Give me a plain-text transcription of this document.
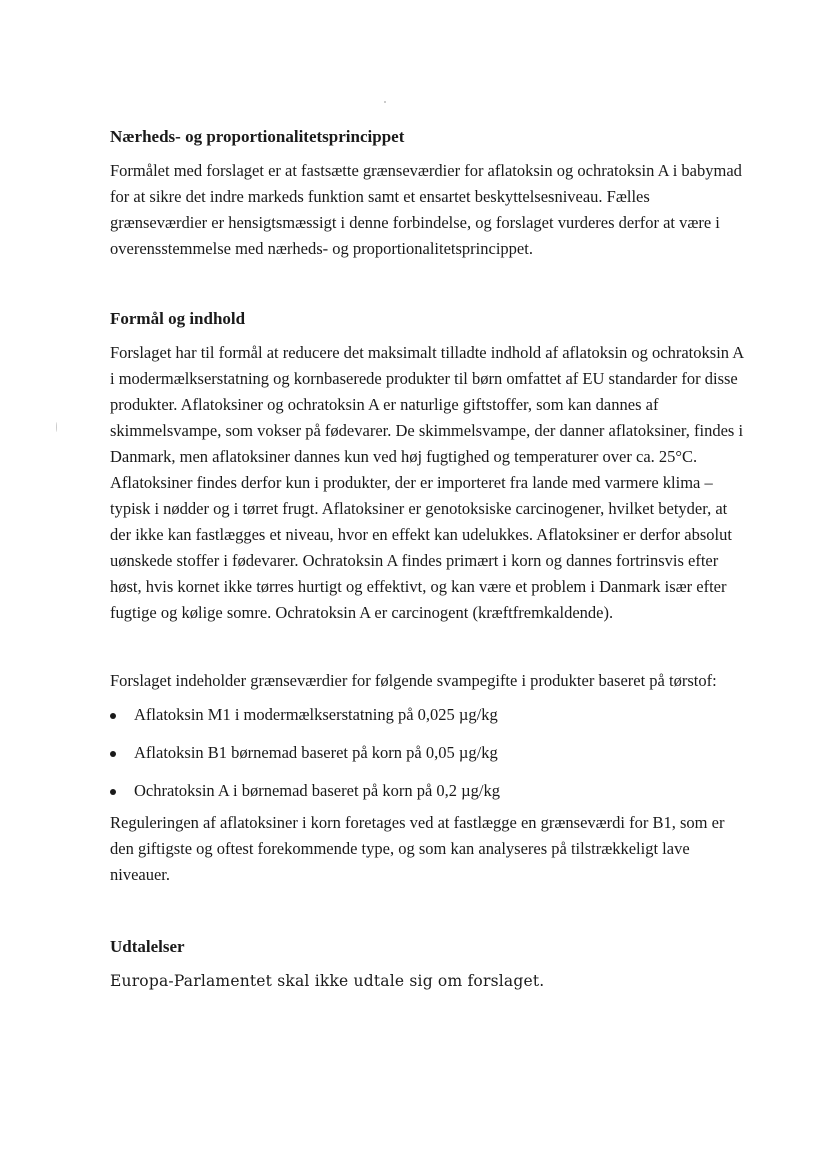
Nærheds- og proportionalitetsprincippet

Formålet med forslaget er at fastsætte grænseværdier for aflatoksin og ochratoksin A i babymad for at sikre det indre markeds funktion samt et ensartet beskyttelsesniveau. Fælles grænseværdier er hensigtsmæssigt i denne forbindelse, og forslaget vurderes derfor at være i overensstemmelse med nærheds- og proportionalitetsprincippet.

Formål og indhold

Forslaget har til formål at reducere det maksimalt tilladte indhold af aflatoksin og ochratoksin A i modermælkserstatning og kornbaserede produkter til børn omfattet af EU standarder for disse produkter. Aflatoksiner og ochratoksin A er naturlige giftstoffer, som kan dannes af skimmelsvampe, som vokser på fødevarer. De skimmelsvampe, der danner aflatoksiner, findes i Danmark, men aflatoksiner dannes kun ved høj fugtighed og temperaturer over ca. 25°C. Aflatoksiner findes derfor kun i produkter, der er importeret fra lande med varmere klima – typisk i nødder og i tørret frugt. Aflatoksiner er genotoksiske carcinogener, hvilket betyder, at der ikke kan fastlægges et niveau, hvor en effekt kan udelukkes. Aflatoksiner er derfor absolut uønskede stoffer i fødevarer. Ochratoksin A findes primært i korn og dannes fortrinsvis efter høst, hvis kornet ikke tørres hurtigt og effektivt, og kan være et problem i Danmark især efter fugtige og kølige somre. Ochratoksin A er carcinogent (kræftfremkaldende).

Forslaget indeholder grænseværdier for følgende svampegifte i produkter baseret på tørstof:

Aflatoksin M1 i modermælkserstatning på 0,025 µg/kg
Aflatoksin B1 børnemad baseret på korn på 0,05 µg/kg
Ochratoksin A i børnemad baseret på korn på 0,2 µg/kg

Reguleringen af aflatoksiner i korn foretages ved at fastlægge en grænseværdi for B1, som er den giftigste og oftest forekommende type, og som kan analyseres på tilstrækkeligt lave niveauer.

Udtalelser

Europa-Parlamentet skal ikke udtale sig om forslaget.
